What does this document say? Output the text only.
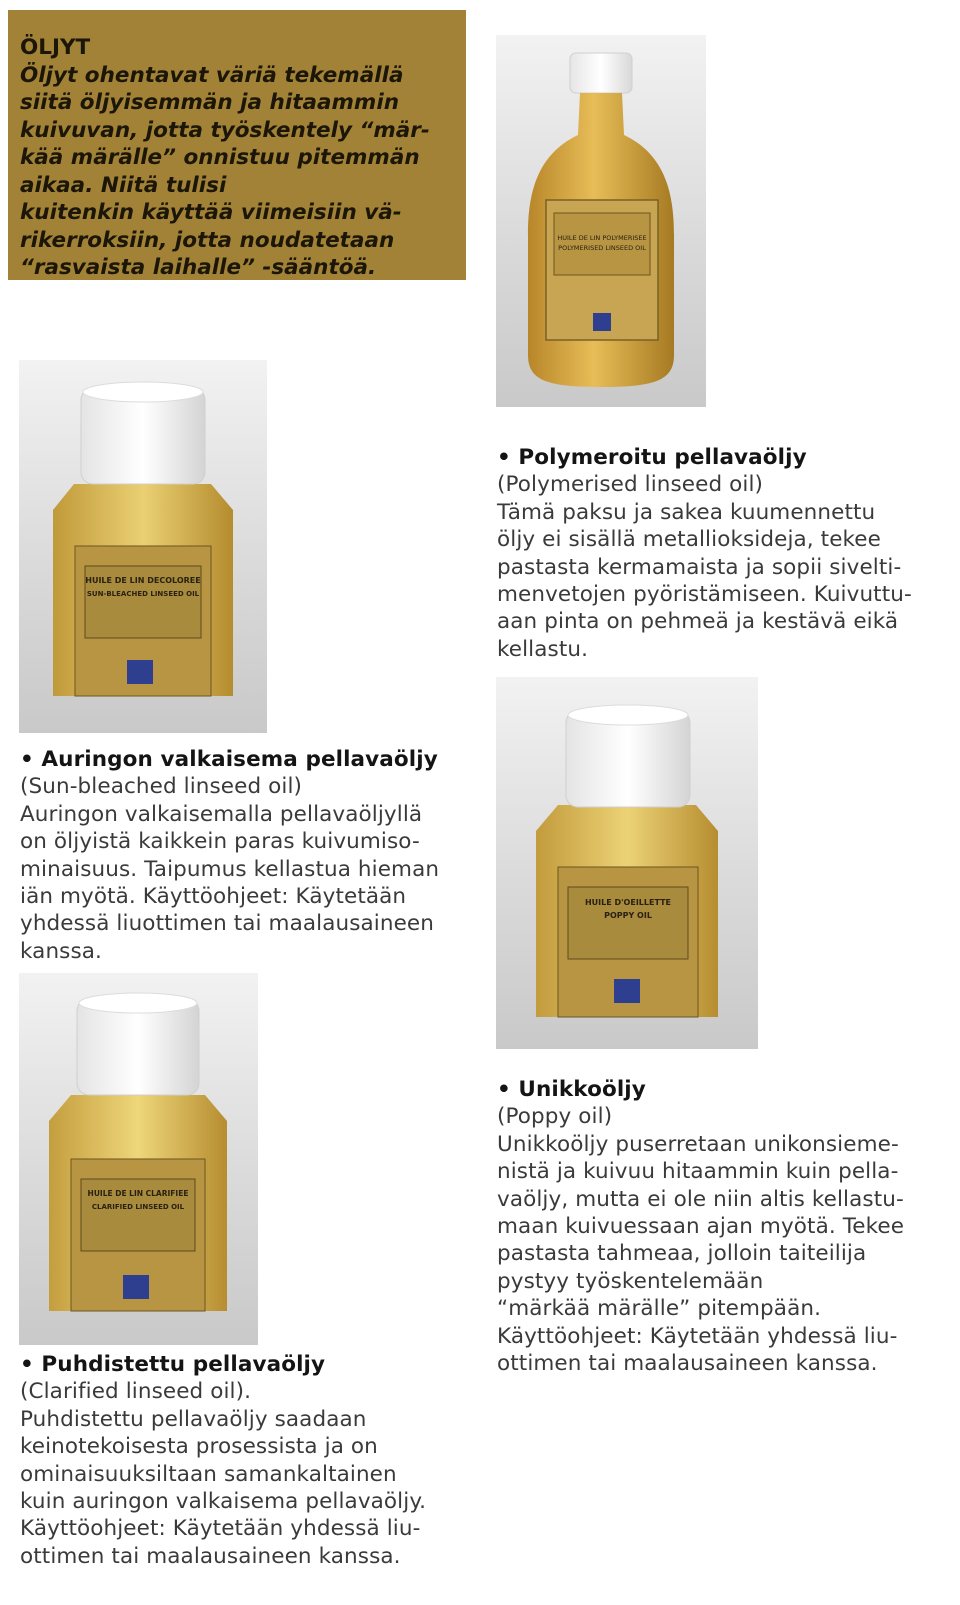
ÖLJYT
Öljyt ohentavat väriä tekemällä
siitä öljyisemmän ja hitaammin
kuivuvan, jotta työskentely “mär-
kää märälle” onnistuu pitemmän
aikaa. Niitä tulisi
kuitenkin käyttää viimeisiin vä-
rikerroksiin, jotta noudatetaan
“rasvaista laihalle” -sääntöä.
HUILE DE LIN POLYMERISEE
POLYMERISED LINSEED OIL
HUILE DE LIN DECOLOREE
SUN-BLEACHED LINSEED OIL
• Polymeroitu pellavaöljy
(Polymerised linseed oil)
Tämä paksu ja sakea kuumennettu
öljy ei sisällä metallioksideja, tekee
pastasta kermamaista ja sopii sivelti-
menvetojen pyöristämiseen. Kuivuttu-
aan pinta on pehmeä ja kestävä eikä
kellastu.
HUILE D'OEILLETTE
POPPY OIL
• Auringon valkaisema pellavaöljy
(Sun-bleached linseed oil)
Auringon valkaisemalla pellavaöljyllä
on öljyistä kaikkein paras kuivumiso-
minaisuus. Taipumus kellastua hieman
iän myötä. Käyttöohjeet: Käytetään
yhdessä liuottimen tai maalausaineen
kanssa.
HUILE DE LIN CLARIFIEE
CLARIFIED LINSEED OIL
• Unikkoöljy
(Poppy oil)
Unikkoöljy puserretaan unikonsieme-
nistä ja kuivuu hitaammin kuin pella-
vaöljy, mutta ei ole niin altis kellastu-
maan kuivuessaan ajan myötä. Tekee
pastasta tahmeaa, jolloin taiteilija
pystyy työskentelemään
“märkää märälle” pitempään.
Käyttöohjeet: Käytetään yhdessä liu-
ottimen tai maalausaineen kanssa.
• Puhdistettu pellavaöljy
(Clarified linseed oil).
Puhdistettu pellavaöljy saadaan
keinotekoisesta prosessista ja on
ominaisuuksiltaan samankaltainen
kuin auringon valkaisema pellavaöljy.
Käyttöohjeet: Käytetään yhdessä liu-
ottimen tai maalausaineen kanssa.
